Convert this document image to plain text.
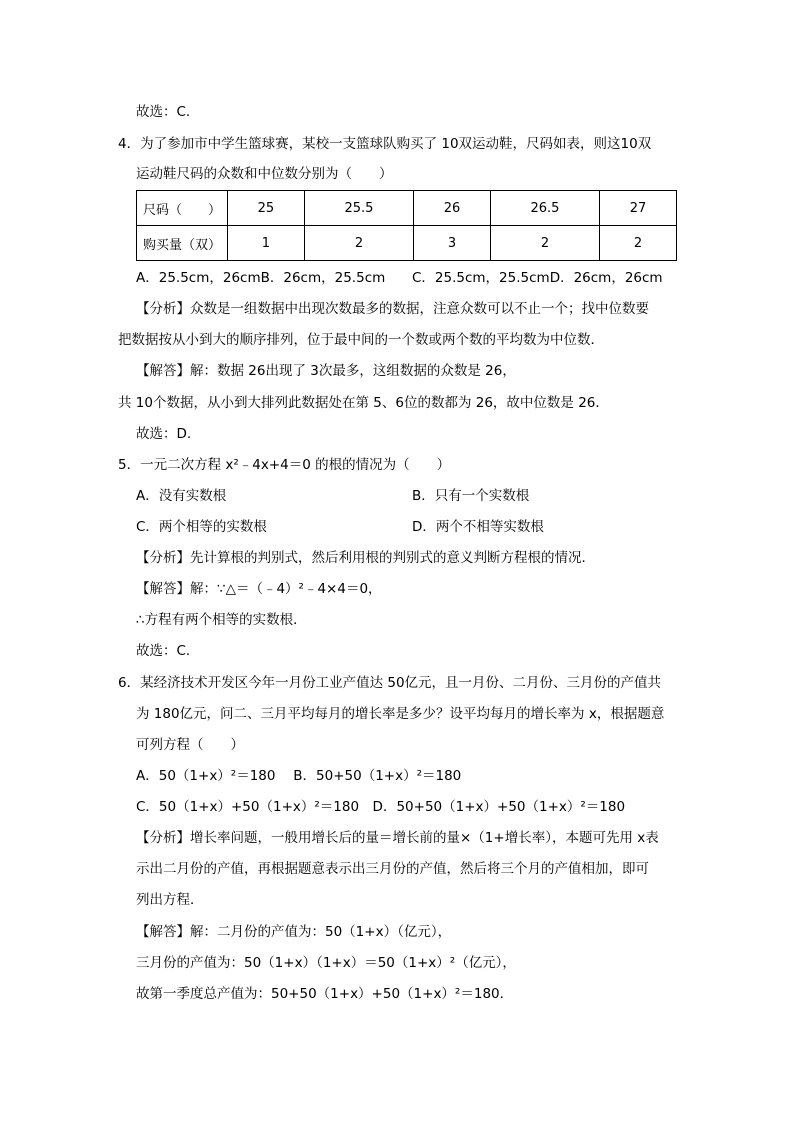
故选：C.
4．为了参加市中学生篮球赛，某校一支篮球队购买了 10双运动鞋，尺码如表，则这10双
运动鞋尺码的众数和中位数分别为（　　）
尺码（　　）	25	25.5	26	26.5	27
购买量（双）	1	2	3	2	2
A．25.5cm，26cmB．26cm，25.5cm C．25.5cm，25.5cmD．26cm，26cm
【分析】众数是一组数据中出现次数最多的数据，注意众数可以不止一个；找中位数要
把数据按从小到大的顺序排列，位于最中间的一个数或两个数的平均数为中位数．
【解答】解：数据 26出现了 3次最多，这组数据的众数是 26，
共 10个数据，从小到大排列此数据处在第 5、6位的数都为 26，故中位数是 26．
故选：D.
5．一元二次方程 x²﹣4x+4＝0 的根的情况为（　　）
A．没有实数根	B．只有一个实数根
C．两个相等的实数根	D．两个不相等实数根
【分析】先计算根的判别式，然后利用根的判别式的意义判断方程根的情况．
【解答】解：∵△＝（﹣4）²﹣4×4＝0，
∴方程有两个相等的实数根．
故选：C.
6．某经济技术开发区今年一月份工业产值达 50亿元，且一月份、二月份、三月份的产值共
为 180亿元，问二、三月平均每月的增长率是多少？设平均每月的增长率为 x，根据题意
可列方程（　　）
A．50（1+x）²＝180　 B．50+50（1+x）²＝180
C．50（1+x）+50（1+x）²＝180　D．50+50（1+x）+50（1+x）²＝180
【分析】增长率问题，一般用增长后的量＝增长前的量×（1+增长率），本题可先用 x表
示出二月份的产值，再根据题意表示出三月份的产值，然后将三个月的产值相加，即可
列出方程．
【解答】解：二月份的产值为：50（1+x）（亿元），
三月份的产值为：50（1+x）（1+x）＝50（1+x）²（亿元），
故第一季度总产值为：50+50（1+x）+50（1+x）²＝180．
